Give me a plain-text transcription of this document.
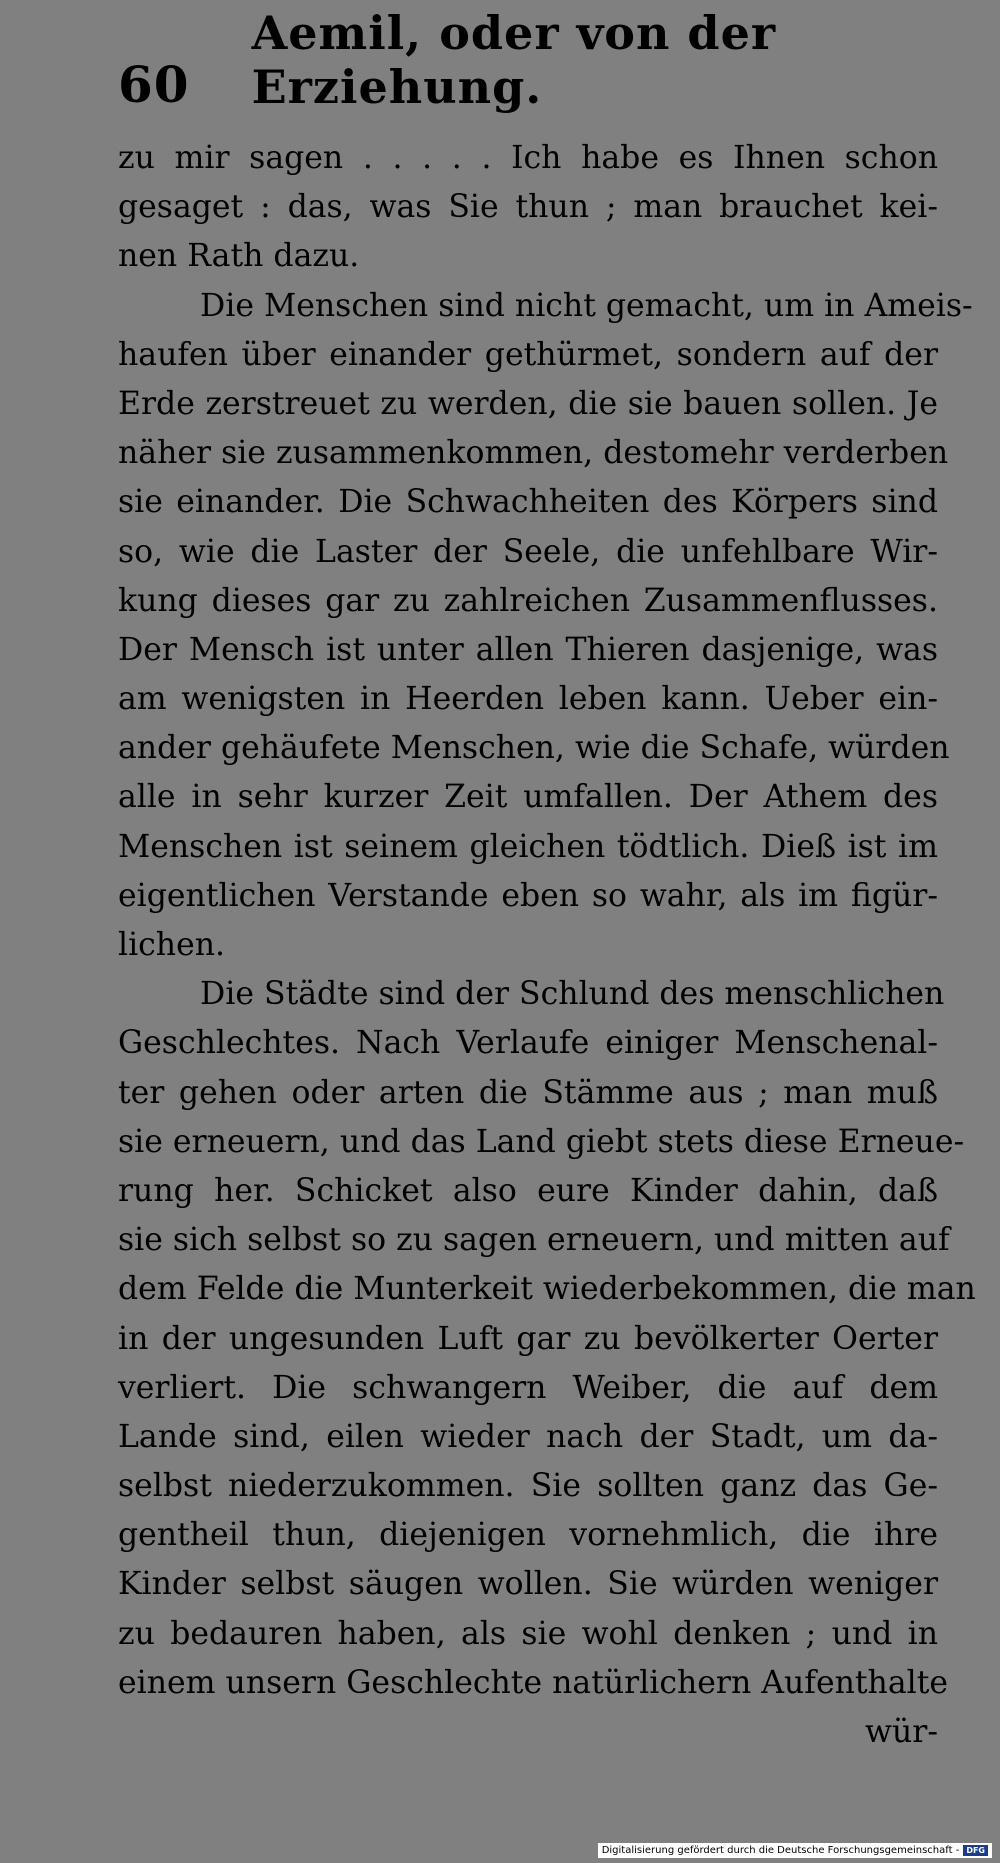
60
Aemil, oder von der Erziehung.
zu mir sagen . . . . . Ich habe es Ihnen schon
gesaget : das, was Sie thun ; man brauchet kei-
nen Rath dazu.
Die Menschen sind nicht gemacht, um in Ameis-
haufen über einander gethürmet, sondern auf der
Erde zerstreuet zu werden, die sie bauen sollen. Je
näher sie zusammenkommen, destomehr verderben
sie einander. Die Schwachheiten des Körpers sind
so, wie die Laster der Seele, die unfehlbare Wir-
kung dieses gar zu zahlreichen Zusammenflusses.
Der Mensch ist unter allen Thieren dasjenige, was
am wenigsten in Heerden leben kann. Ueber ein-
ander gehäufete Menschen, wie die Schafe, würden
alle in sehr kurzer Zeit umfallen. Der Athem des
Menschen ist seinem gleichen tödtlich. Dieß ist im
eigentlichen Verstande eben so wahr, als im figür-
lichen.
Die Städte sind der Schlund des menschlichen
Geschlechtes. Nach Verlaufe einiger Menschenal-
ter gehen oder arten die Stämme aus ; man muß
sie erneuern, und das Land giebt stets diese Erneue-
rung her. Schicket also eure Kinder dahin, daß
sie sich selbst so zu sagen erneuern, und mitten auf
dem Felde die Munterkeit wiederbekommen, die man
in der ungesunden Luft gar zu bevölkerter Oerter
verliert. Die schwangern Weiber, die auf dem
Lande sind, eilen wieder nach der Stadt, um da-
selbst niederzukommen. Sie sollten ganz das Ge-
gentheil thun, diejenigen vornehmlich, die ihre
Kinder selbst säugen wollen. Sie würden weniger
zu bedauren haben, als sie wohl denken ; und in
einem unsern Geschlechte natürlichern Aufenthalte
wür-
Digitalisierung gefördert durch die Deutsche Forschungsgemeinschaft - DFG
